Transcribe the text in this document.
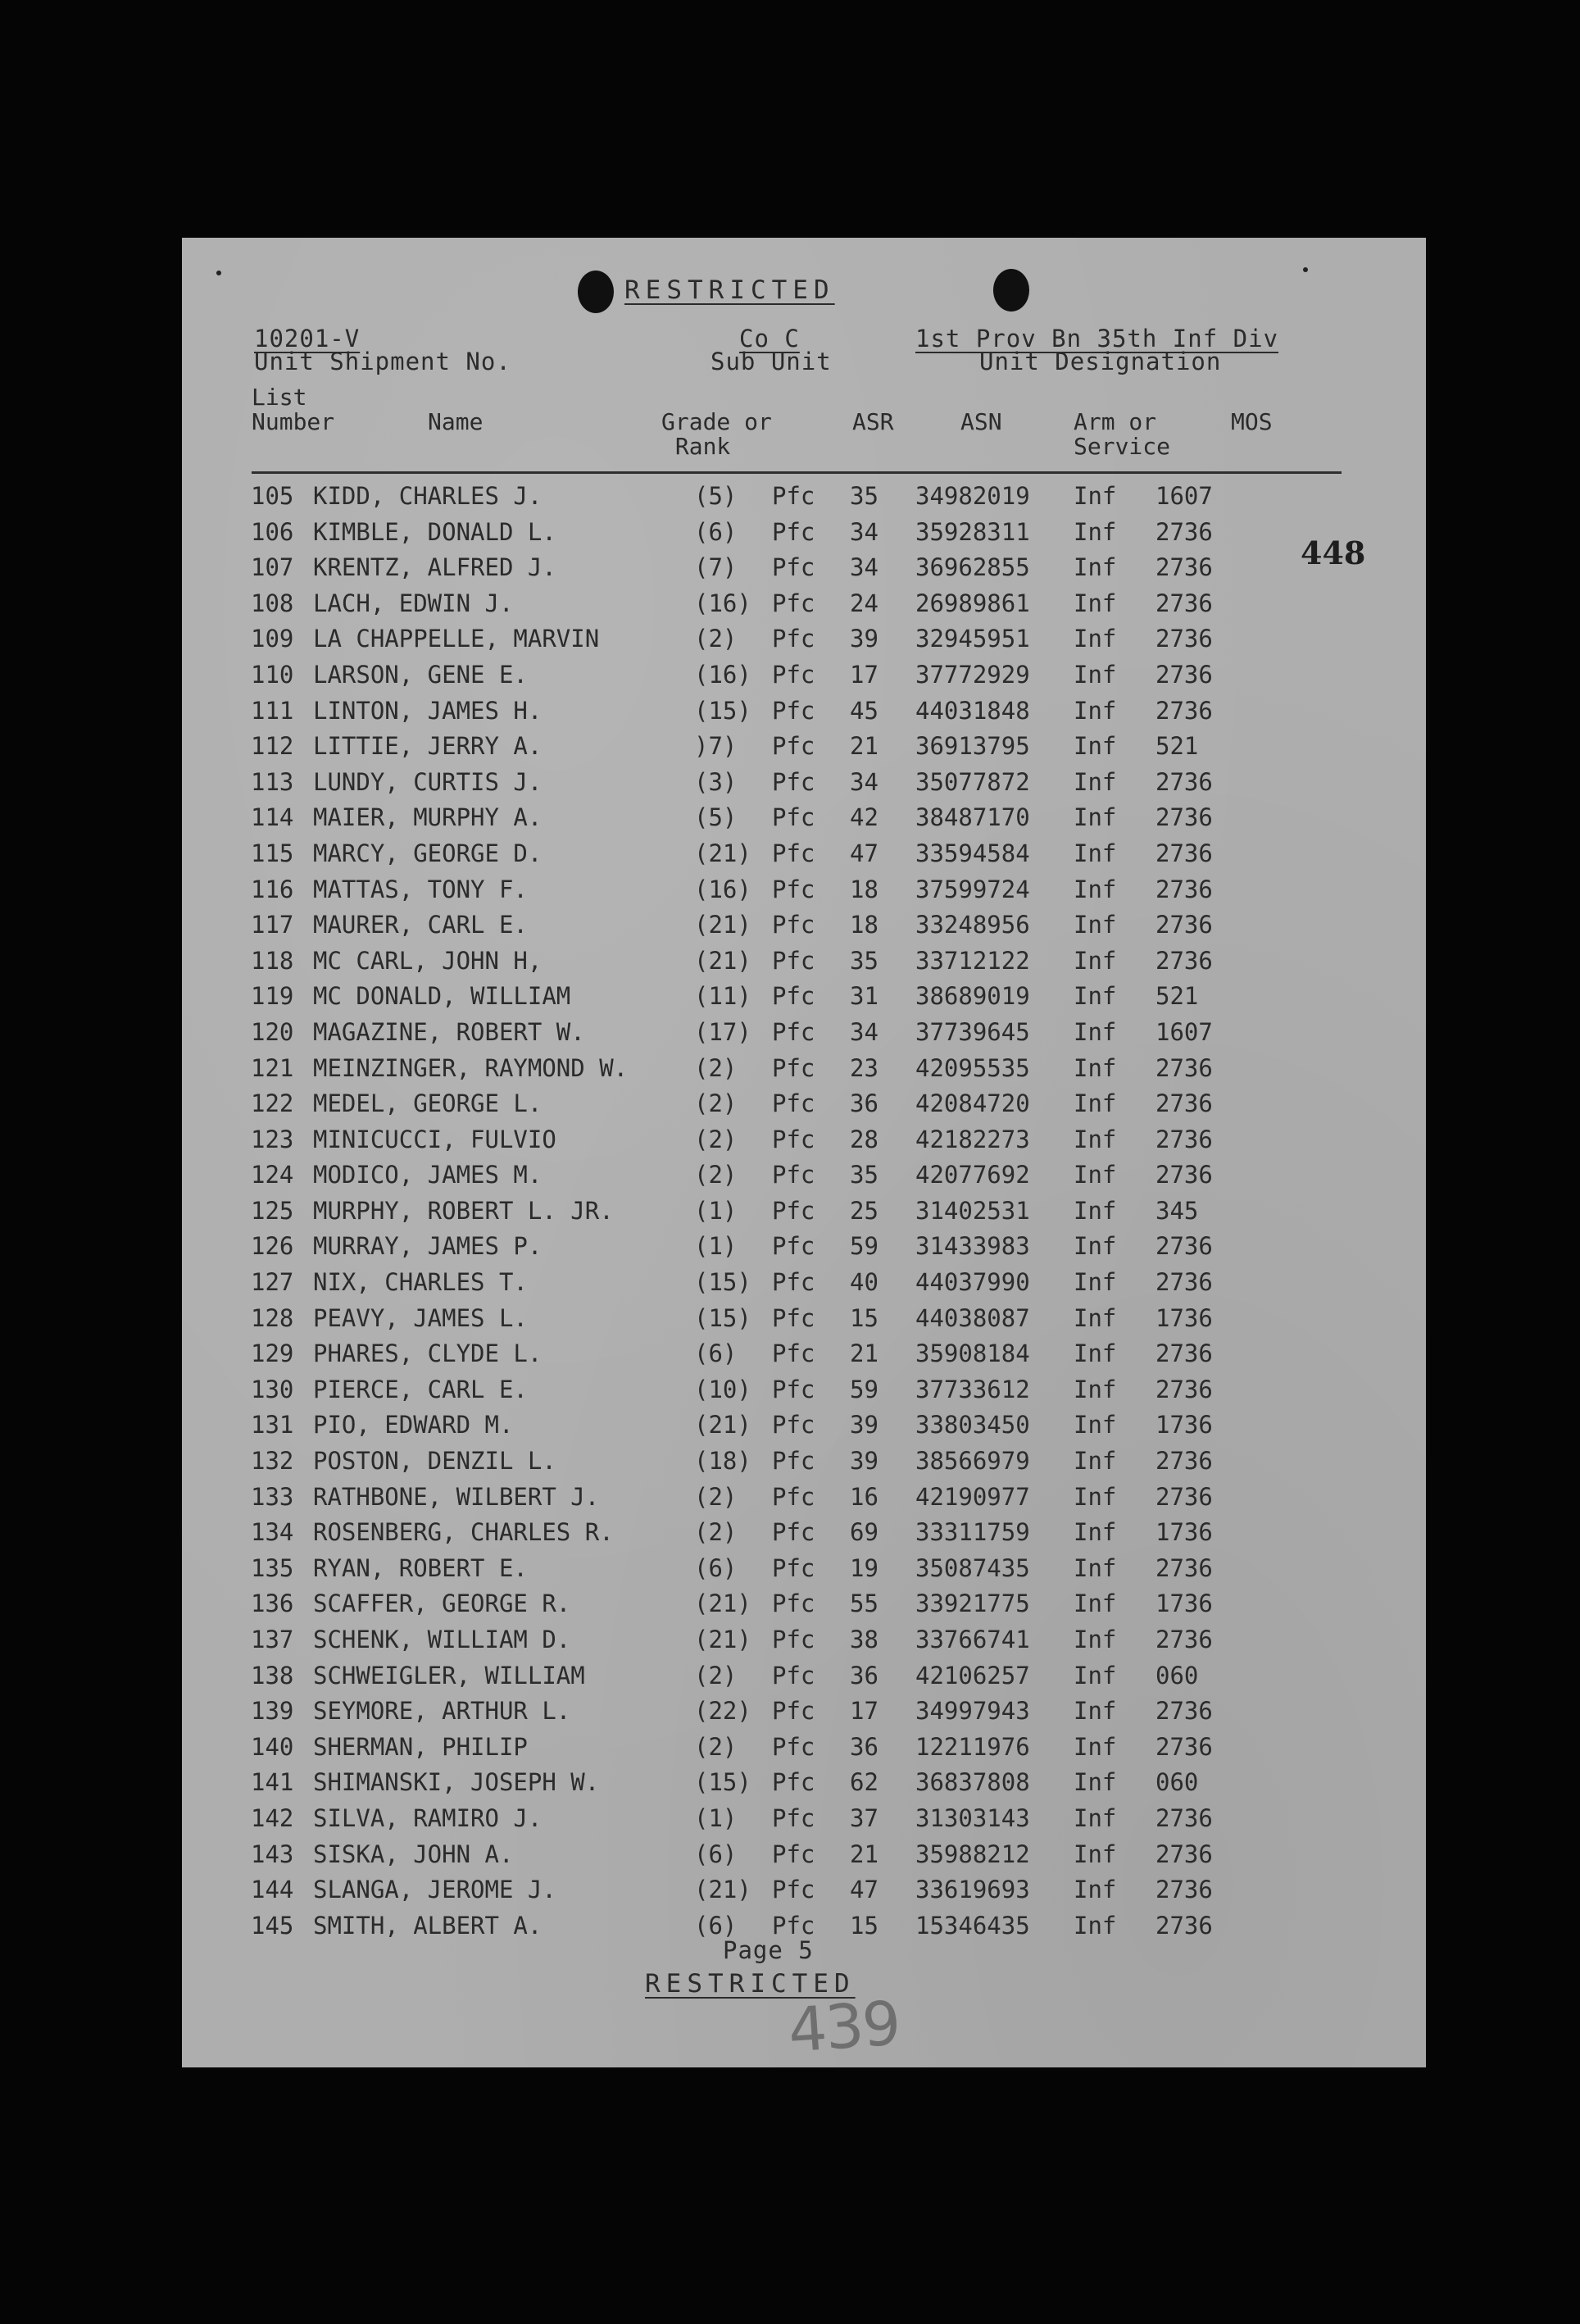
RESTRICTED
10201-V
Unit Shipment No.
Co C
Sub Unit
1st Prov Bn 35th Inf Div
Unit Designation
List
Number	Name	Grade or
Rank
ASR	ASN	Arm or
Service
MOS
105 KIDD, CHARLES J.	(5) Pfc 35 34982019 Inf 1607
106 KIMBLE, DONALD L.	(6) Pfc 34 35928311 Inf 2736
107 KRENTZ, ALFRED J.	(7) Pfc 34 36962855 Inf 2736
108 LACH, EDWIN J.	(16) Pfc 24 26989861 Inf 2736
109 LA CHAPPELLE, MARVIN	(2) Pfc 39 32945951 Inf 2736
110 LARSON, GENE E.	(16) Pfc 17 37772929 Inf 2736
111 LINTON, JAMES H.	(15) Pfc 45 44031848 Inf 2736
112 LITTIE, JERRY A.	)7) Pfc 21 36913795 Inf 521
113 LUNDY, CURTIS J.	(3) Pfc 34 35077872 Inf 2736
114 MAIER, MURPHY A.	(5) Pfc 42 38487170 Inf 2736
115 MARCY, GEORGE D.	(21) Pfc 47 33594584 Inf 2736
116 MATTAS, TONY F.	(16) Pfc 18 37599724 Inf 2736
117 MAURER, CARL E.	(21) Pfc 18 33248956 Inf 2736
118 MC CARL, JOHN H,	(21) Pfc 35 33712122 Inf 2736
119 MC DONALD, WILLIAM	(11) Pfc 31 38689019 Inf 521
120 MAGAZINE, ROBERT W.	(17) Pfc 34 37739645 Inf 1607
121 MEINZINGER, RAYMOND W.	(2) Pfc 23 42095535 Inf 2736
122 MEDEL, GEORGE L.	(2) Pfc 36 42084720 Inf 2736
123 MINICUCCI, FULVIO	(2) Pfc 28 42182273 Inf 2736
124 MODICO, JAMES M.	(2) Pfc 35 42077692 Inf 2736
125 MURPHY, ROBERT L. JR.	(1) Pfc 25 31402531 Inf 345
126 MURRAY, JAMES P.	(1) Pfc 59 31433983 Inf 2736
127 NIX, CHARLES T.	(15) Pfc 40 44037990 Inf 2736
128 PEAVY, JAMES L.	(15) Pfc 15 44038087 Inf 1736
129 PHARES, CLYDE L.	(6) Pfc 21 35908184 Inf 2736
130 PIERCE, CARL E.	(10) Pfc 59 37733612 Inf 2736
131 PIO, EDWARD M.	(21) Pfc 39 33803450 Inf 1736
132 POSTON, DENZIL L.	(18) Pfc 39 38566979 Inf 2736
133 RATHBONE, WILBERT J.	(2) Pfc 16 42190977 Inf 2736
134 ROSENBERG, CHARLES R.	(2) Pfc 69 33311759 Inf 1736
135 RYAN, ROBERT E.	(6) Pfc 19 35087435 Inf 2736
136 SCAFFER, GEORGE R.	(21) Pfc 55 33921775 Inf 1736
137 SCHENK, WILLIAM D.	(21) Pfc 38 33766741 Inf 2736
138 SCHWEIGLER, WILLIAM	(2) Pfc 36 42106257 Inf 060
139 SEYMORE, ARTHUR L.	(22) Pfc 17 34997943 Inf 2736
140 SHERMAN, PHILIP	(2) Pfc 36 12211976 Inf 2736
141 SHIMANSKI, JOSEPH W.	(15) Pfc 62 36837808 Inf 060
142 SILVA, RAMIRO J.	(1) Pfc 37 31303143 Inf 2736
143 SISKA, JOHN A.	(6) Pfc 21 35988212 Inf 2736
144 SLANGA, JEROME J.	(21) Pfc 47 33619693 Inf 2736
145 SMITH, ALBERT A.	(6) Pfc 15 15346435 Inf 2736
448
Page 5
RESTRICTED
439
